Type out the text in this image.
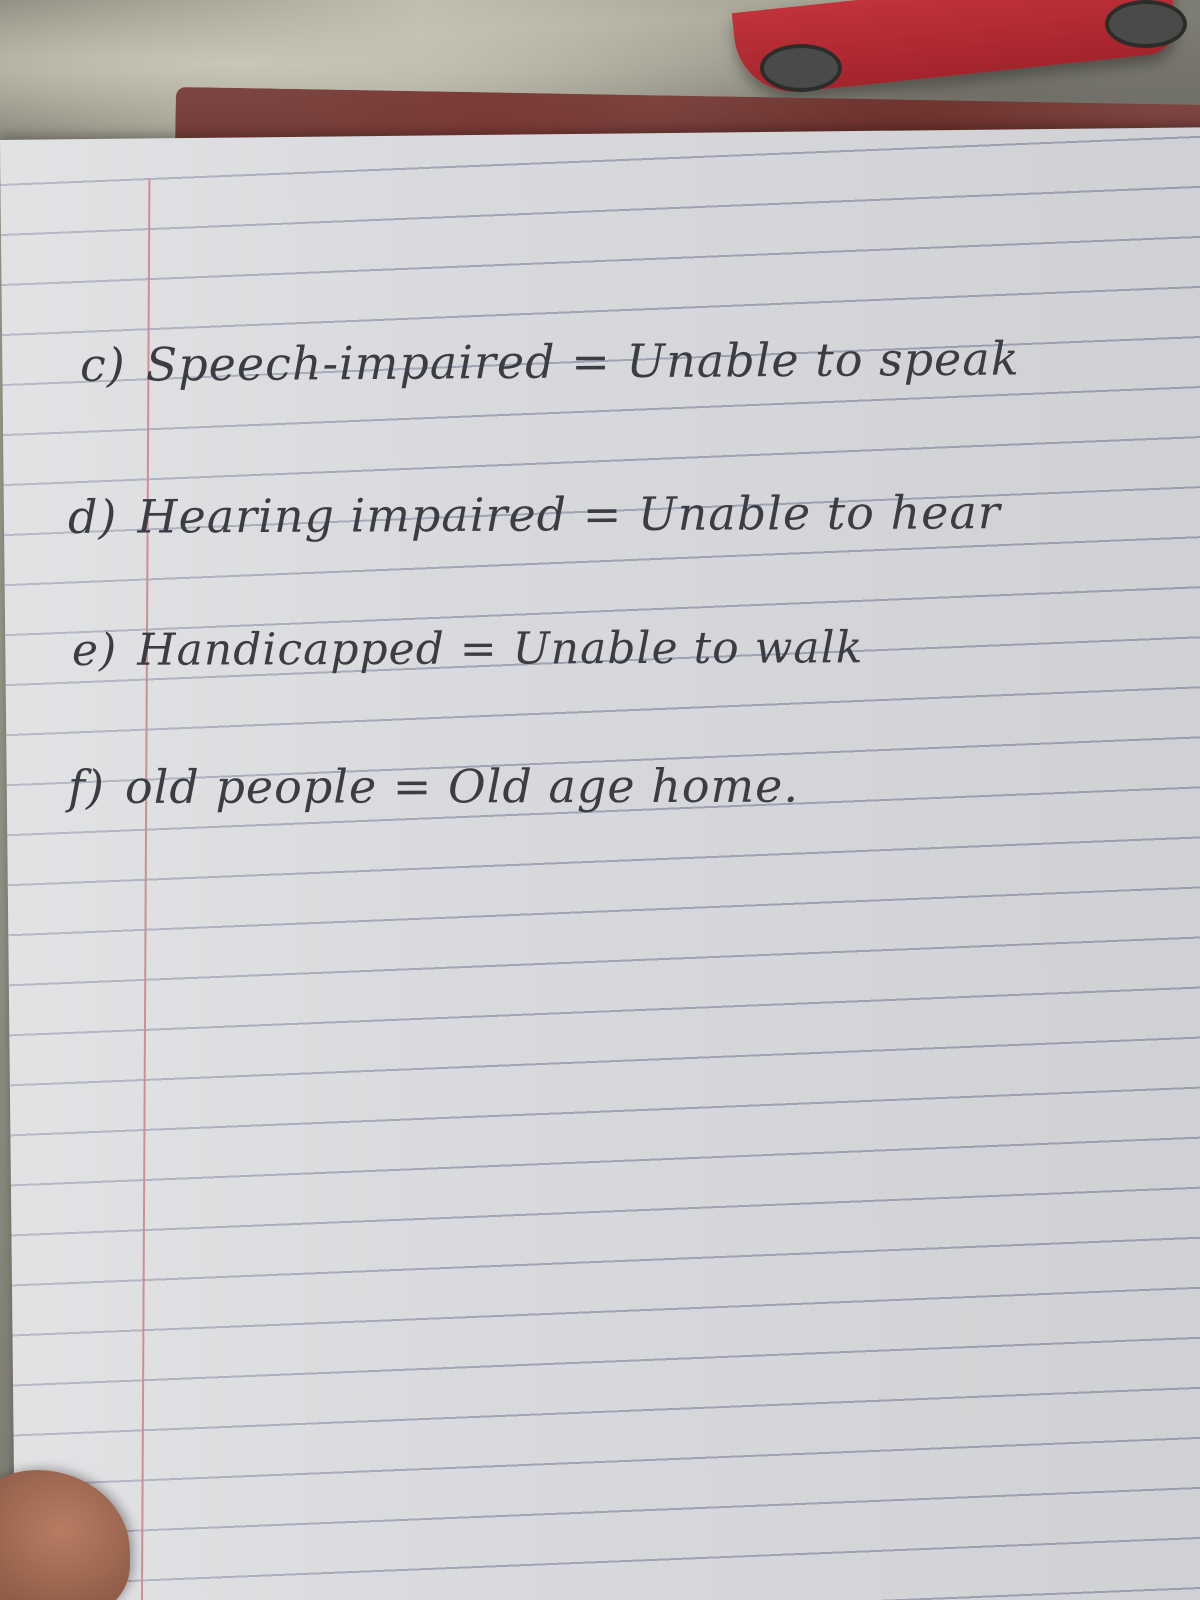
c) Speech-impaired = Unable to speak
d) Hearing impaired = Unable to hear
e) Handicapped = Unable to walk
f) old people = Old age home.
